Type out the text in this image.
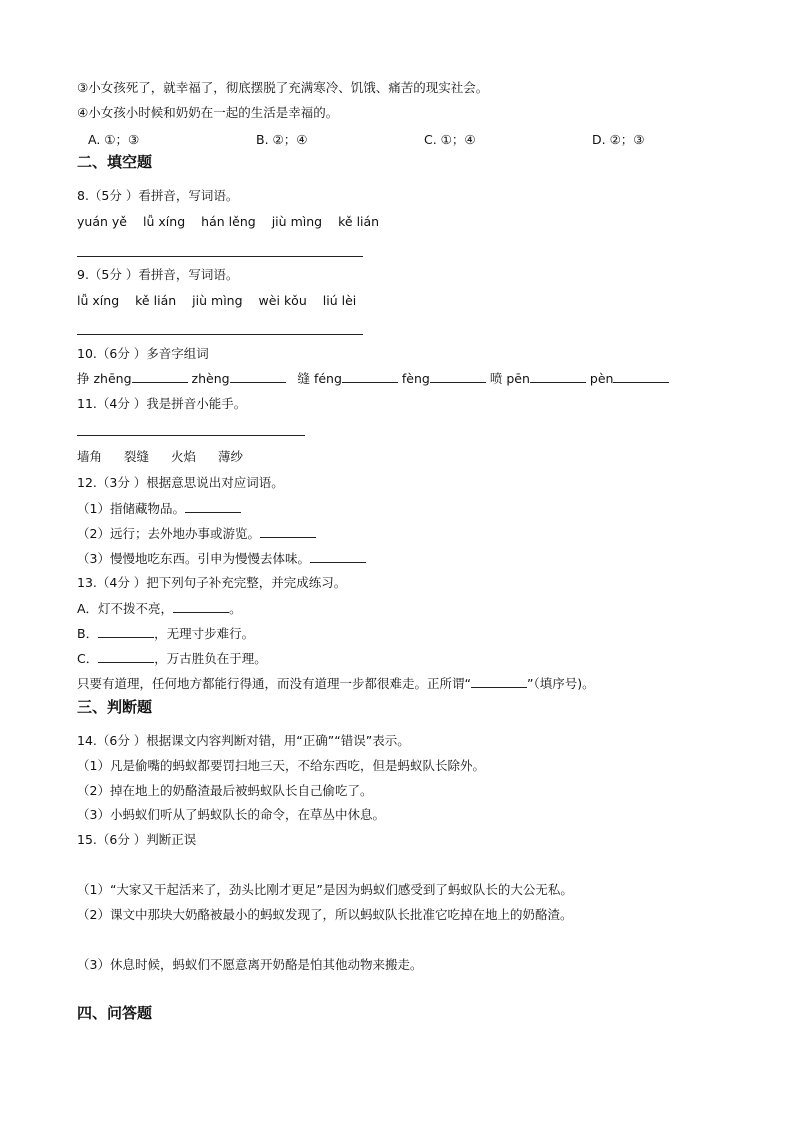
③小女孩死了，就幸福了，彻底摆脱了充满寒冷、饥饿、痛苦的现实社会。
④小女孩小时候和奶奶在一起的生活是幸福的。
A. ①；③	B. ②；④	C. ①；④	D. ②；③
二、填空题
8.（5分 ）看拼音，写词语。
yuán yě lǚ xíng hán lěng jiù mìng kě lián
9.（5分 ）看拼音，写词语。
lǚ xíng kě lián jiù mìng wèi kǒu liú lèi
10.（6分 ）多音字组词
挣 zhēng	zhèng	缝 féng	fèng	喷 pēn	pèn
11.（4分 ）我是拼音小能手。
墙角 裂缝 火焰 薄纱
12.（3分 ）根据意思说出对应词语。
（1）指储藏物品。
（2）远行；去外地办事或游览。
（3）慢慢地吃东西。引申为慢慢去体味。
13.（4分 ）把下列句子补充完整，并完成练习。
A．灯不拨不亮，	。
B．	，无理寸步难行。
C．	，万古胜负在于理。
只要有道理，任何地方都能行得通，而没有道理一步都很难走。正所谓“	”（填序号)。
三、判断题
14.（6分 ）根据课文内容判断对错，用“正确”“错误”表示。
（1）凡是偷嘴的蚂蚁都要罚扫地三天，不给东西吃，但是蚂蚁队长除外。
（2）掉在地上的奶酪渣最后被蚂蚁队长自己偷吃了。
（3）小蚂蚁们听从了蚂蚁队长的命令，在草丛中休息。
15.（6分 ）判断正误
（1）“大家又干起活来了，劲头比刚才更足”是因为蚂蚁们感受到了蚂蚁队长的大公无私。
（2）课文中那块大奶酪被最小的蚂蚁发现了，所以蚂蚁队长批准它吃掉在地上的奶酪渣。
（3）休息时候，蚂蚁们不愿意离开奶酪是怕其他动物来搬走。
四、问答题
